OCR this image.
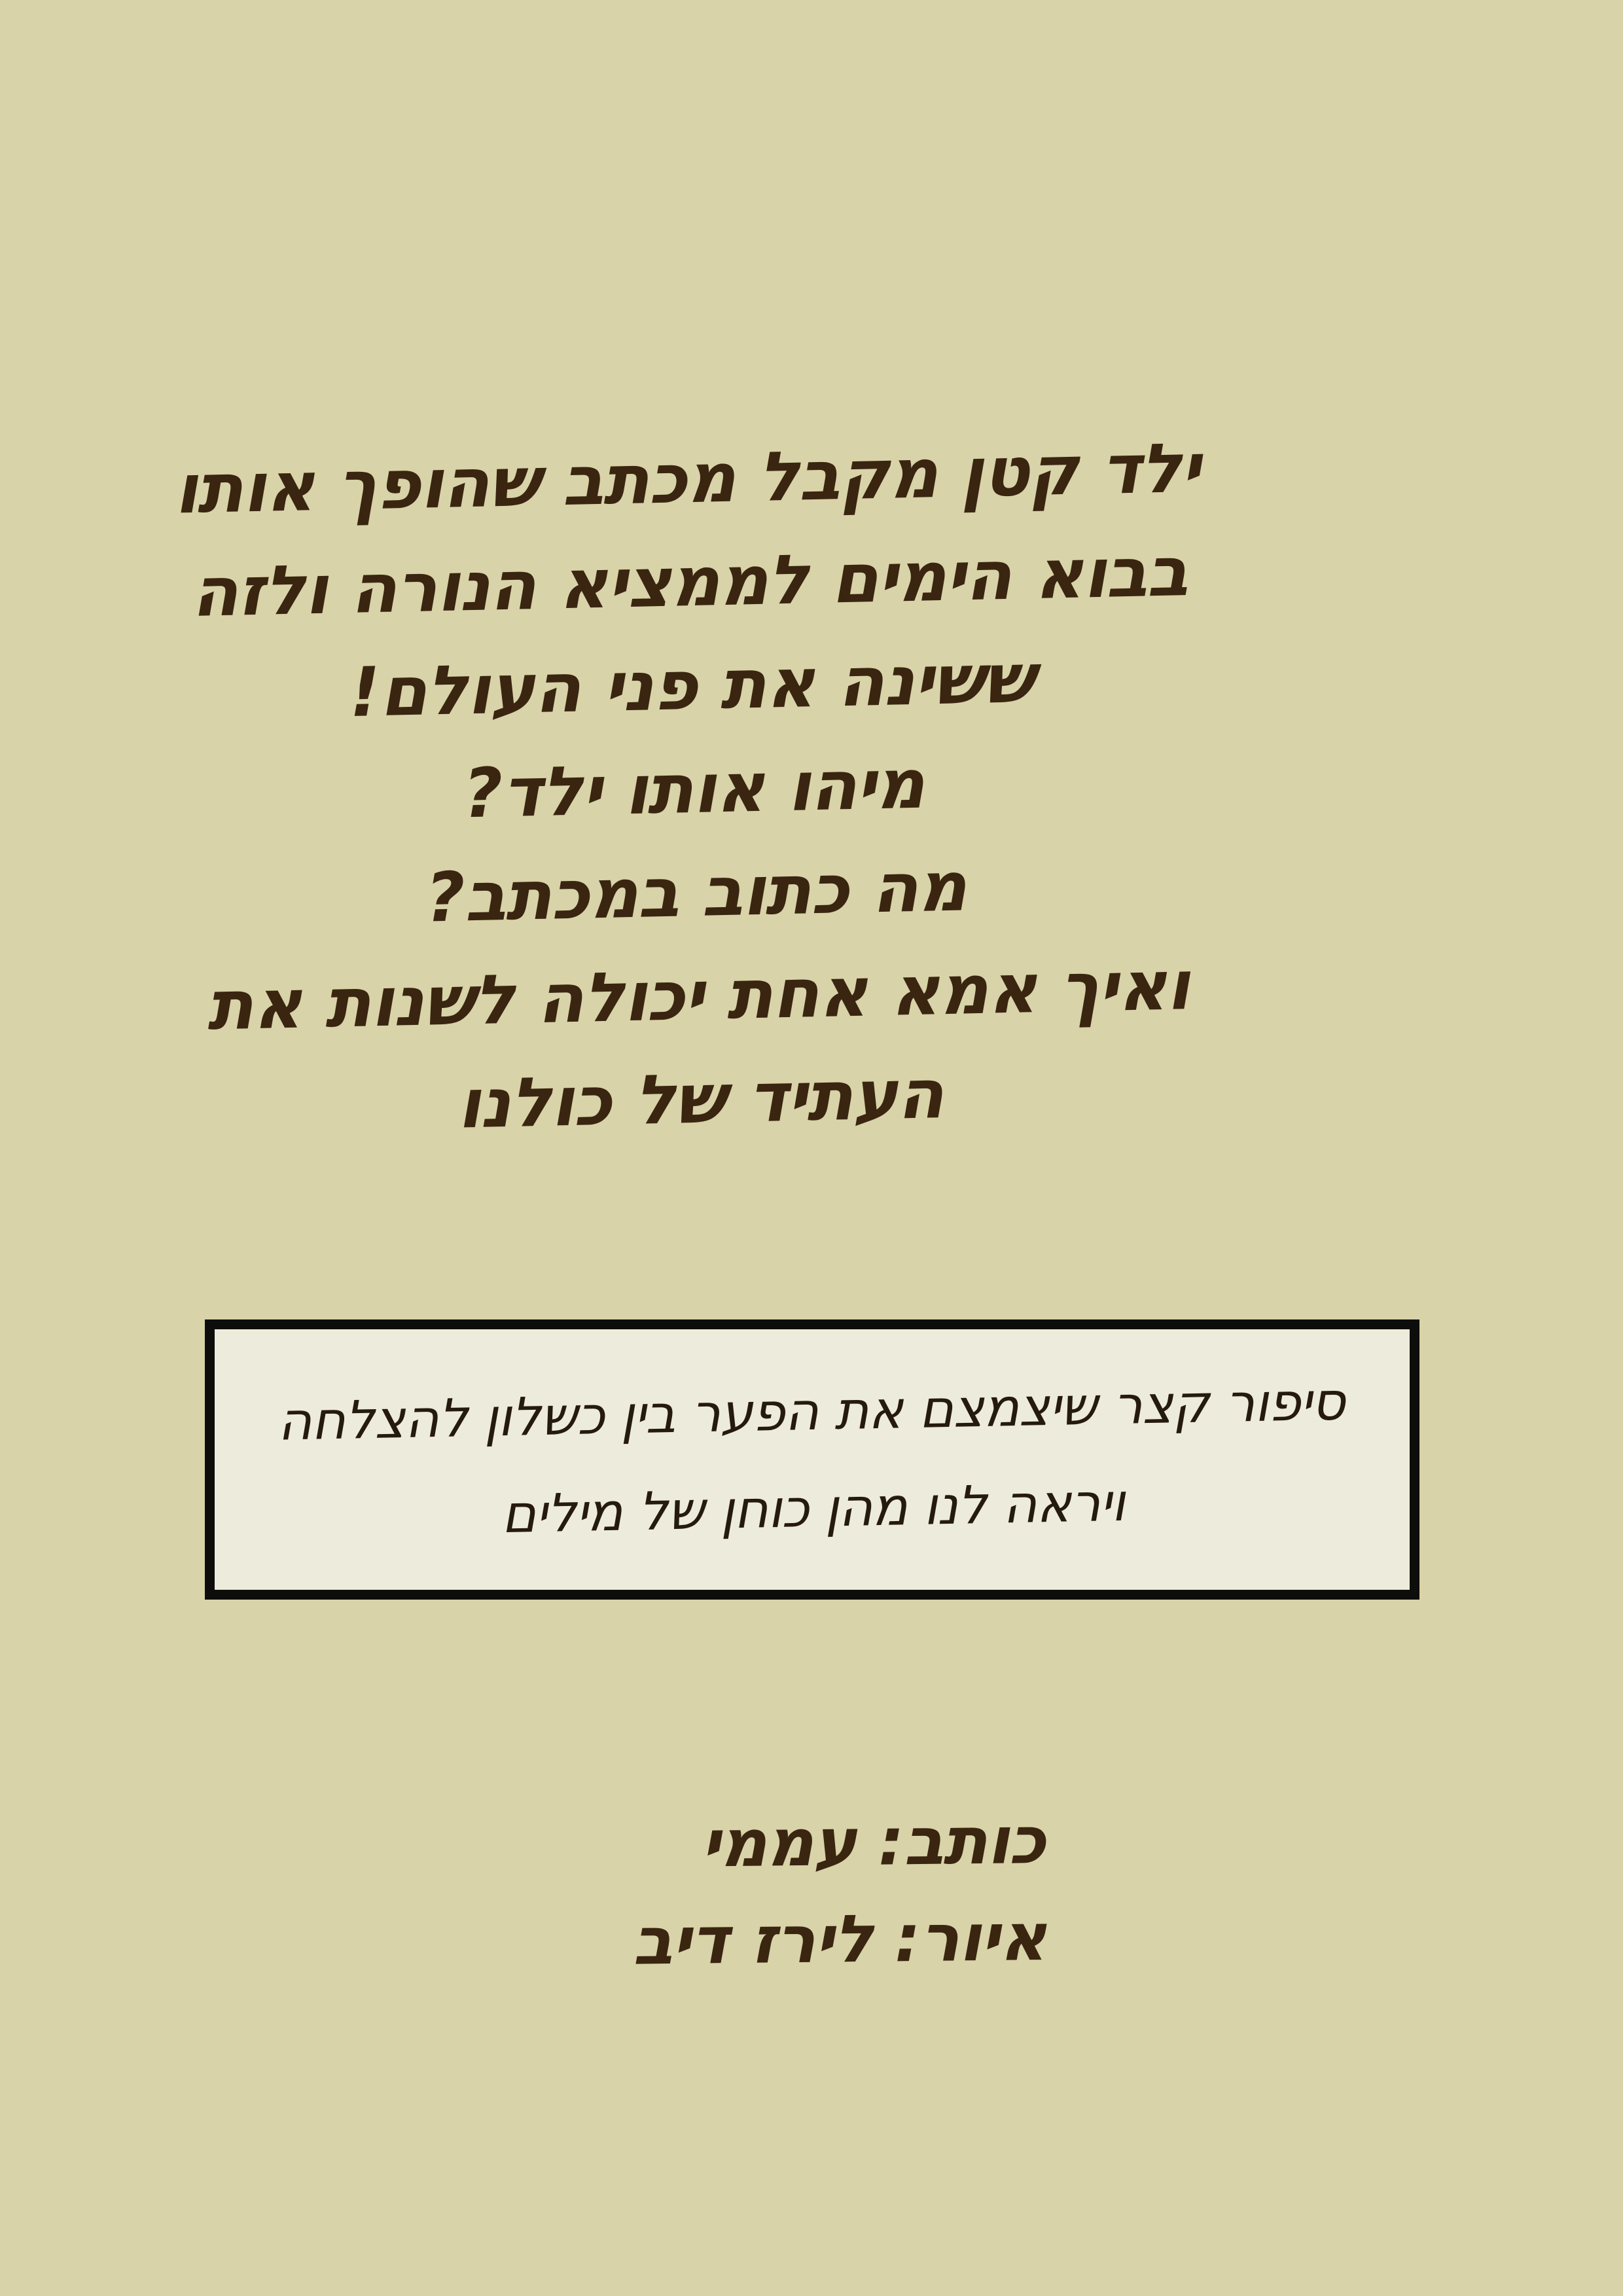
ילד קטן מקבל מכתב שהופך אותו
בבוא הימים לממציא הנורה ולזה
ששינה את פני העולם!
מיהו אותו ילד?
מה כתוב במכתב?
ואיך אמא אחת יכולה לשנות את
העתיד של כולנו
סיפור קצר שיצמצם את הפער בין כשלון להצלחה
ויראה לנו מהן כוחן של מילים
כותב: עממי
איור: לירז דיב
